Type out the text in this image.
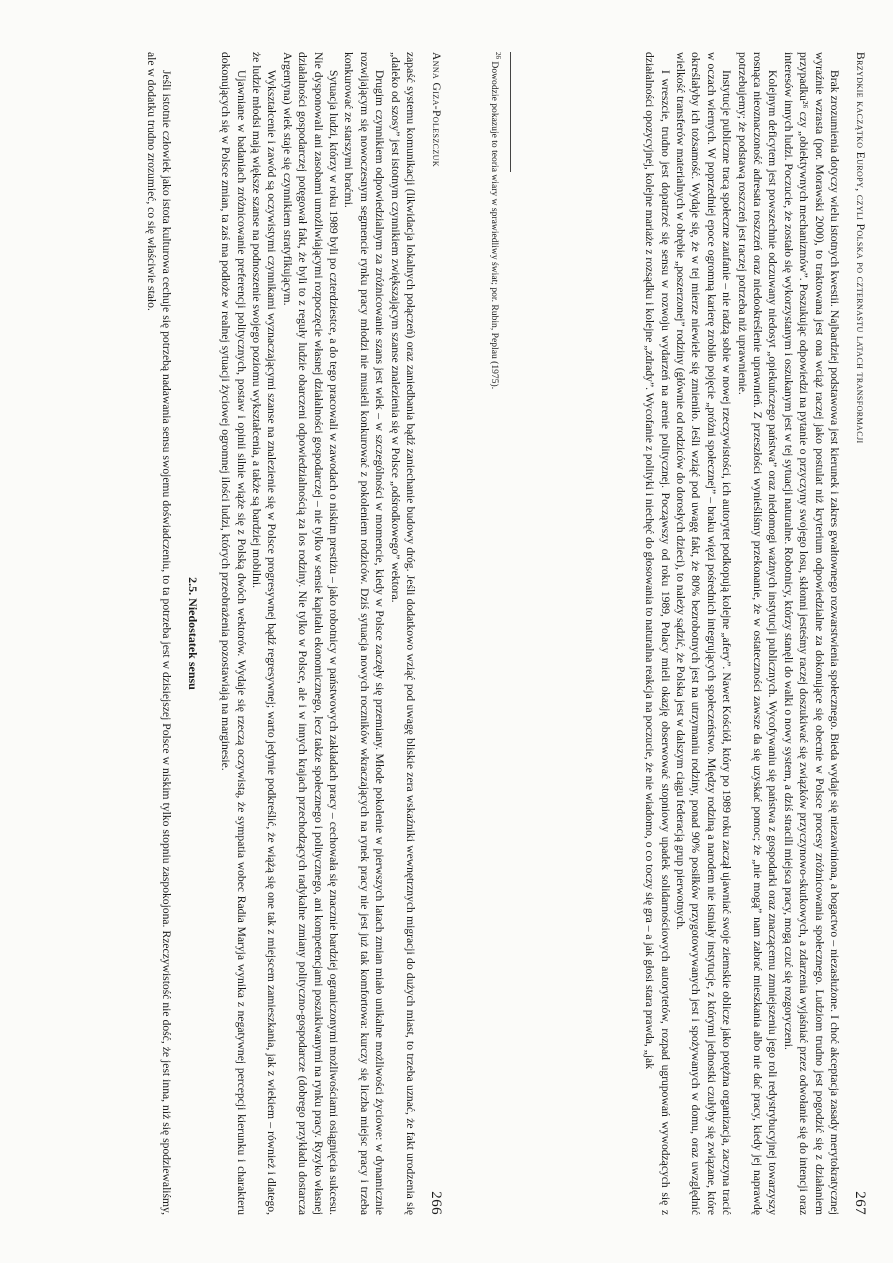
Anna Giza-Poleszczuk
266

zapaść systemu komunikacji (likwidacja lokalnych połączeń) oraz zaniedbania bądź zaniechanie budowy dróg. Jeśli dodatkowo wziąć pod uwagę bliskie zera wskaźniki wewnętrznych migracji do dużych miast, to trzeba uznać, że fakt urodzenia się „daleko od szosy” jest istotnym czynnikiem zwiększającym szanse znalezienia się w Polsce „odśrodkowego” wektora.

Drugim czynnikiem odpowiedzialnym za zróżnicowanie szans jest wiek – w szczególności w momencie, kiedy w Polsce zaczęły się przemiany. Młode pokolenie w pierwszych latach zmian miało unikalne możliwości życiowe: w dynamicznie rozwijającym się nowoczesnym segmencie rynku pracy młodzi nie musieli konkurować z pokoleniem rodziców. Dziś sytuacja nowych roczników wkraczających na rynek pracy nie jest już tak komfortowa: kurczy się liczba miejsc pracy i trzeba konkurować ze starszymi braćmi.

Sytuacja ludzi, którzy w roku 1989 byli po czterdziestce, a do tego pracowali w zawodach o niskim prestiżu – jako robotnicy w państwowych zakładach pracy – cechowała się znacznie bardziej ograniczonymi możliwościami osiągnięcia sukcesu. Nie dysponowali ani zasobami umożliwiającymi rozpoczęcie własnej działalności gospodarczej – nie tylko w sensie kapitału ekonomicznego, lecz także społecznego i politycznego, ani kompetencjami poszukiwanymi na rynku pracy. Ryzyko własnej działalności gospodarczej potęgował fakt, że byli to z reguły ludzie obarczeni odpowiedzialnością za los rodziny. Nie tylko w Polsce, ale i w innych krajach przechodzących radykalne zmiany polityczno-gospodarcze (dobrego przykładu dostarcza Argentyna) wiek staje się czynnikiem stratyfikującym.

Wykształcenie i zawód są oczywistymi czynnikami wyznaczającymi szanse na znalezienie się w Polsce progresywnej bądź regresywnej; warto jedynie podkreślić, że wiążą się one tak z miejscem zamieszkania, jak z wiekiem – również i dlatego, że ludzie młodsi mają większe szanse na podnoszenie swojego poziomu wykształcenia, a także są bardziej mobilni.

Ujawniane w badaniach zróżnicowanie preferencji politycznych, postaw i opinii silnie wiąże się z Polską dwóch wektorów. Wydaje się rzeczą oczywistą, że sympatia wobec Radia Maryja wynika z negatywnej percepcji kierunku i charakteru dokonujących się w Polsce zmian, ta zaś ma podłoże w realnej sytuacji życiowej ogromnej ilości ludzi, których przeobrażenia pozostawiają na marginesie.

2.5. Niedostatek sensu

Jeśli istotnie człowiek jako istota kulturowa cechuje się potrzebą nadawania sensu swojemu doświadczeniu, to ta potrzeba jest w dzisiejszej Polsce w niskim tylko stopniu zaspokojona. Rzeczywistość nie dość, że jest inna, niż się spodziewaliśmy, ale w dodatku trudno zrozumieć, co się właściwie stało.	Brzydkie kaczątko Europy, czyli Polska po czternastu latach transformacji
267

Brak zrozumienia dotyczy wielu istotnych kwestii. Najbardziej podstawowa jest kierunek i zakres gwałtownego rozwarstwienia społecznego. Bieda wydaje się niezawiniona, a bogactwo – niezasłużone. I choć akceptacja zasady merytokratycznej wyraźnie wzrasta (por. Morawski 2000), to traktowana jest ona wciąż raczej jako postulat niż kryterium odpowiedzialne za dokonujące się obecnie w Polsce procesy zróżnicowania społecznego. Ludziom trudno jest pogodzić się z działaniem przypadku²⁶ czy „obiektywnych mechanizmów”. Poszukując odpowiedzi na pytanie o przyczyny swojego losu, skłonni jesteśmy raczej doszukiwać się związków przyczynowo-skutkowych, a zdarzenia wyjaśniać przez odwołanie się do intencji oraz interesów innych ludzi. Poczucie, że zostało się wykorzystanym i oszukanym jest w tej sytuacji naturalne. Robotnicy, którzy stanęli do walki o nowy system, a dziś stracili miejsca pracy, mogą czuć się rozgoryczeni.

Kolejnym deficytem jest powszechnie odczuwany niedosyt „opiekuńczego państwa” oraz niedomogi ważnych instytucji publicznych. Wycofywaniu się państwa z gospodarki oraz znaczącemu zmniejszeniu jego roli redystrybucyjnej towarzyszy rosnąca nieoznaczoność adresata roszczeń oraz niedookreślenie uprawnień. Z przeszłości wynieśliśmy przekonanie, że w ostateczności zawsze da się uzyskać pomoc; że „nie mogą” nam zabrać mieszkania albo nie dać pracy, kiedy jej naprawdę potrzebujemy; że podstawą roszczeń jest raczej potrzeba niż uprawnienie.

Instytucje publiczne tracą społeczne zaufanie – nie radzą sobie w nowej rzeczywistości, ich autorytet podkopują kolejne „afery”. Nawet Kościół, który po 1989 roku zaczął ujawniać swoje ziemskie oblicze jako potężna organizacja, zaczyna tracić w oczach wiernych. W poprzedniej epoce ogromną karierę zrobiło pojęcie „próżni społecznej” – braku więzi pośrednich integrujących społeczeństwo. Między rodziną a narodem nie istniały instytucje, z którymi jednostki czułyby się związane, które określałyby ich tożsamość. Wydaje się, że w tej mierze niewiele się zmieniło. Jeśli wziąć pod uwagę fakt, że 80% bezrobotnych jest na utrzymaniu rodziny, ponad 90% posiłków przygotowywanych jest i spożywanych w domu, oraz uwzględnić wielkość transferów materialnych w obrębie „poszerzonej” rodziny (głównie od rodziców do dorosłych dzieci), to należy sądzić, że Polska jest w dalszym ciągu federacją grup pierwotnych.

I wreszcie, trudno jest dopatrzeć się sensu w rozwoju wydarzeń na arenie politycznej. Począwszy od roku 1989, Polacy mieli okazję obserwować stopniowy upadek solidarnościowych autorytetów, rozpad ugrupowań wywodzących się z działalności opozycyjnej, kolejne mariaże z rozsądku i kolejne „zdrady”. Wycofanie z polityki i niechęć do głosowania to naturalna reakcja na poczucie, że nie wiadomo, o co toczy się gra – a jak głosi stara prawda, „jak

$^{26}$ Dowodzie pokazuje to teoria wiary w sprawiedliwy świat; por. Rubin, Peplau (1975).
